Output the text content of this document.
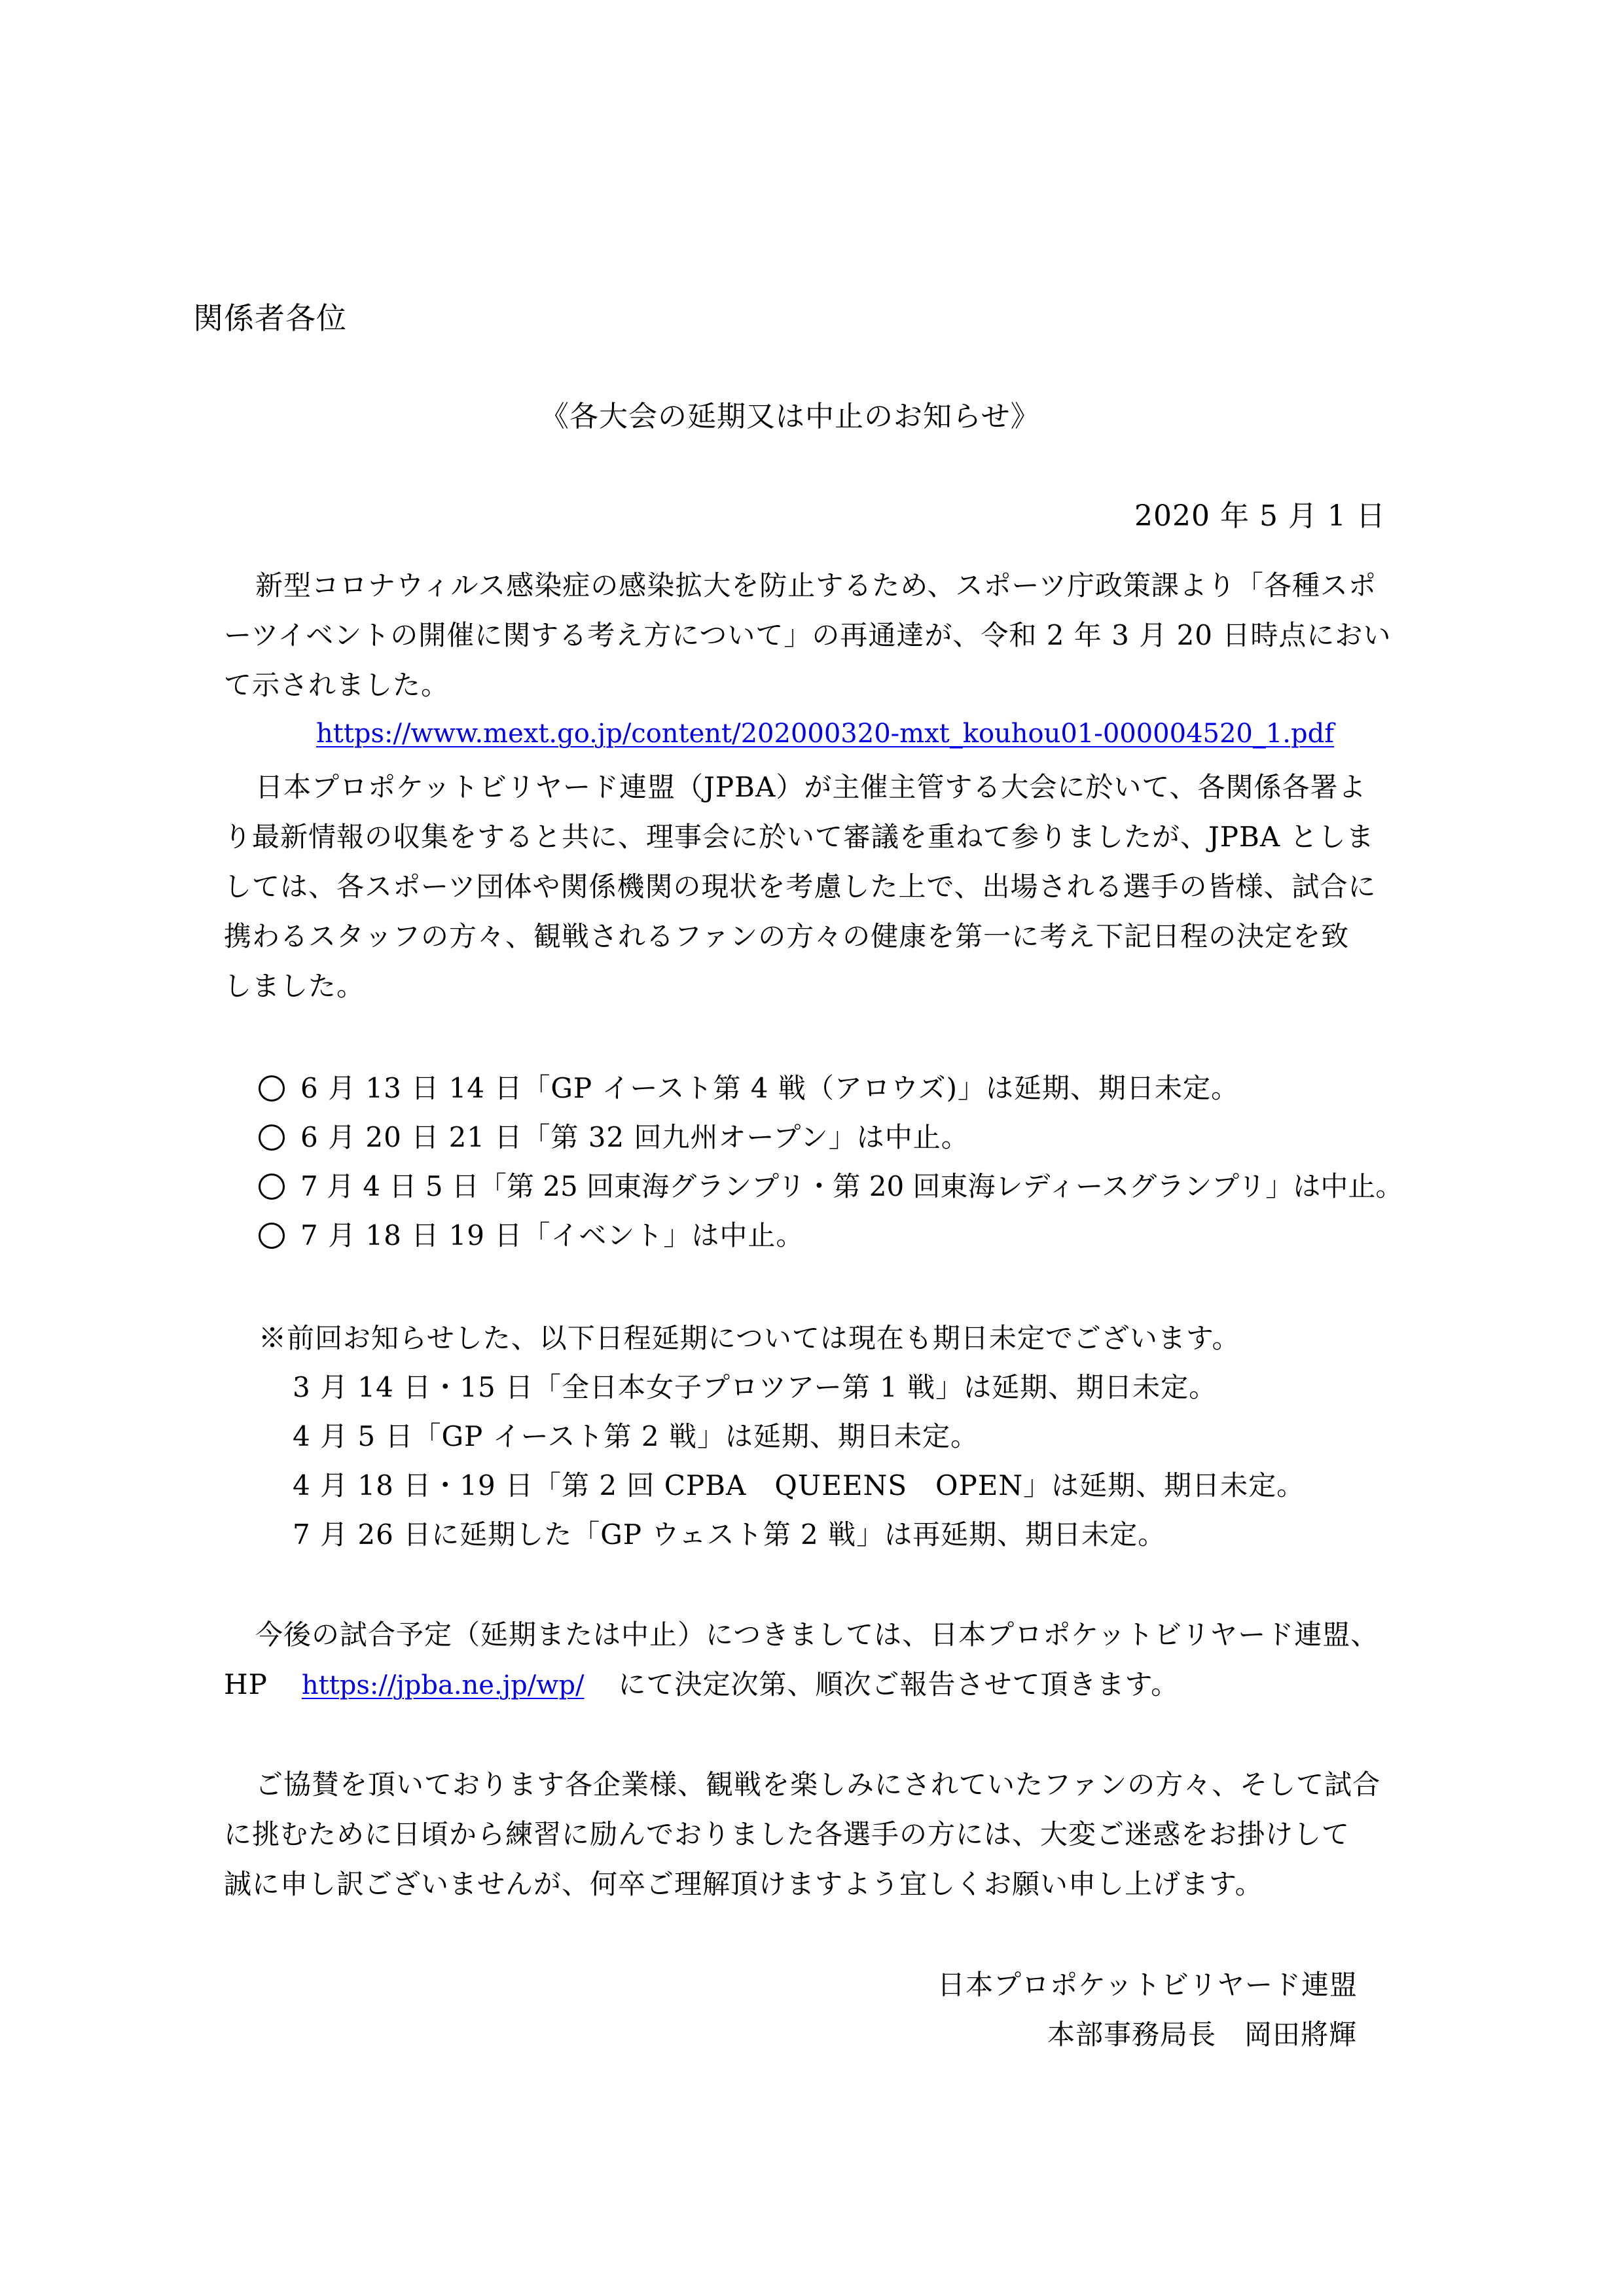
関係者各位
《各大会の延期又は中止のお知らせ》
2020 年 5 月 1 日
新型コロナウィルス感染症の感染拡大を防止するため、スポーツ庁政策課より「各種スポ
ーツイベントの開催に関する考え方について」の再通達が、令和 2 年 3 月 20 日時点におい
て示されました。
https://www.mext.go.jp/content/202000320-mxt_kouhou01-000004520_1.pdf
日本プロポケットビリヤード連盟（JPBA）が主催主管する大会に於いて、各関係各署よ
り最新情報の収集をすると共に、理事会に於いて審議を重ねて参りましたが、JPBA としま
しては、各スポーツ団体や関係機関の現状を考慮した上で、出場される選手の皆様、試合に
携わるスタッフの方々、観戦されるファンの方々の健康を第一に考え下記日程の決定を致
しました。
6 月 13 日 14 日「GP イースト第 4 戦（アロウズ)」は延期、期日未定。
6 月 20 日 21 日「第 32 回九州オープン」は中止。
7 月 4 日 5 日「第 25 回東海グランプリ・第 20 回東海レディースグランプリ」は中止。
7 月 18 日 19 日「イベント」は中止。
※前回お知らせした、以下日程延期については現在も期日未定でございます。
3 月 14 日・15 日「全日本女子プロツアー第 1 戦」は延期、期日未定。
4 月 5 日「GP イースト第 2 戦」は延期、期日未定。
4 月 18 日・19 日「第 2 回 CPBA　QUEENS　OPEN」は延期、期日未定。
7 月 26 日に延期した「GP ウェスト第 2 戦」は再延期、期日未定。
今後の試合予定（延期または中止）につきましては、日本プロポケットビリヤード連盟、
HP https://jpba.ne.jp/wp/ にて決定次第、順次ご報告させて頂きます。
ご協賛を頂いております各企業様、観戦を楽しみにされていたファンの方々、そして試合
に挑むために日頃から練習に励んでおりました各選手の方には、大変ご迷惑をお掛けして
誠に申し訳ございませんが、何卒ご理解頂けますよう宜しくお願い申し上げます。
日本プロポケットビリヤード連盟
本部事務局長　岡田將輝
